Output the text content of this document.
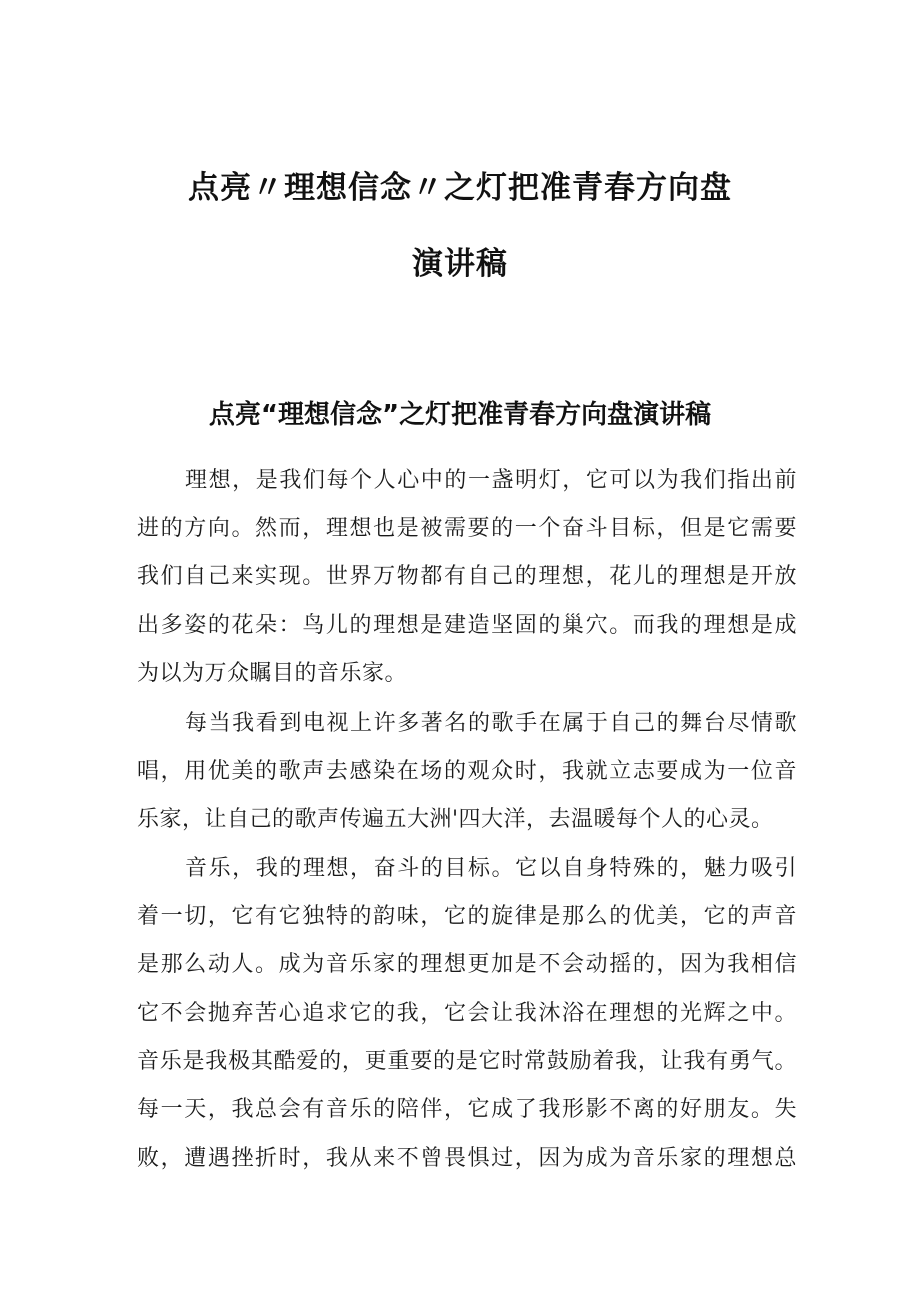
点亮〃理想信念〃之灯把准青春方向盘
演讲稿
点亮“理想信念”之灯把准青春方向盘演讲稿
理想，是我们每个人心中的一盏明灯，它可以为我们指出前
进的方向。然而，理想也是被需要的一个奋斗目标，但是它需要
我们自己来实现。世界万物都有自己的理想，花儿的理想是开放
出多姿的花朵：鸟儿的理想是建造坚固的巢穴。而我的理想是成
为以为万众瞩目的音乐家。
每当我看到电视上许多著名的歌手在属于自己的舞台尽情歌
唱，用优美的歌声去感染在场的观众时，我就立志要成为一位音
乐家，让自己的歌声传遍五大洲'四大洋，去温暖每个人的心灵。
音乐，我的理想，奋斗的目标。它以自身特殊的，魅力吸引
着一切，它有它独特的韵味，它的旋律是那么的优美，它的声音
是那么动人。成为音乐家的理想更加是不会动摇的，因为我相信
它不会抛弃苦心追求它的我，它会让我沐浴在理想的光辉之中。
音乐是我极其酷爱的，更重要的是它时常鼓励着我，让我有勇气。
每一天，我总会有音乐的陪伴，它成了我形影不离的好朋友。失
败，遭遇挫折时，我从来不曾畏惧过，因为成为音乐家的理想总
